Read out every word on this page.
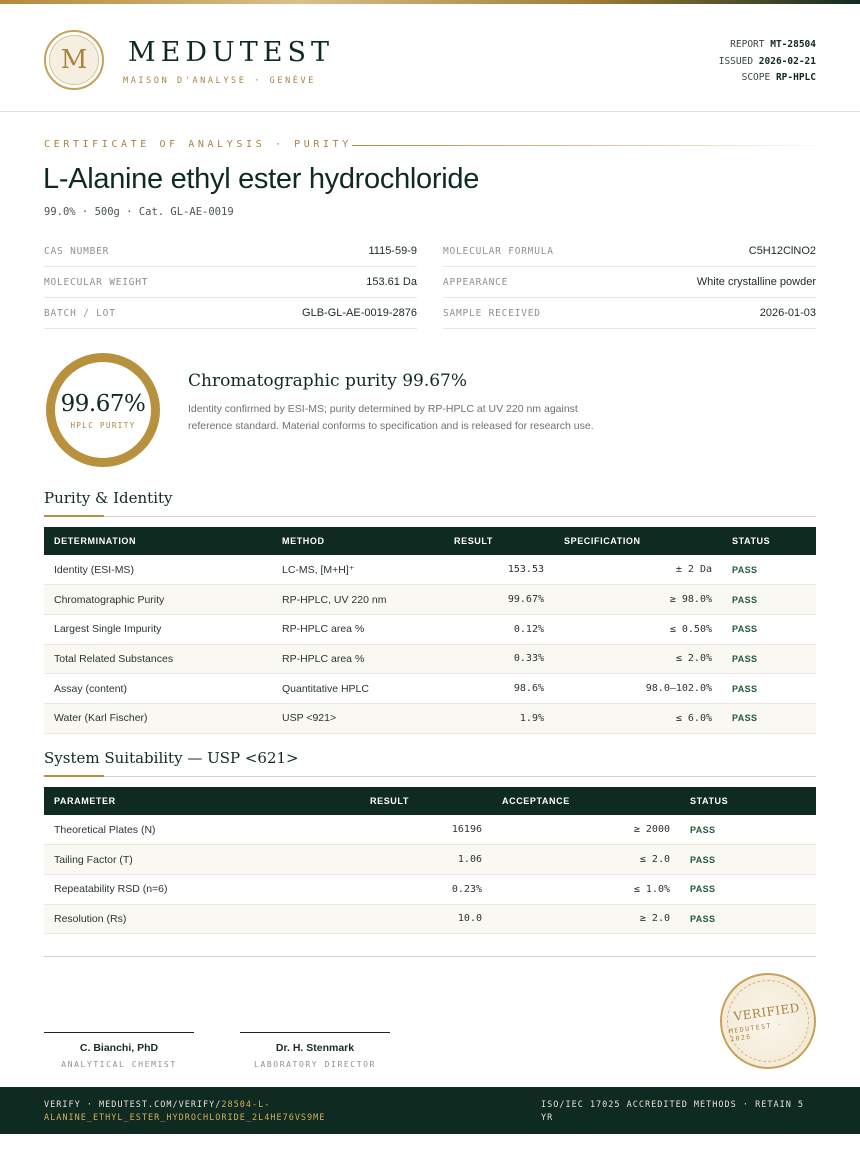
M	MEDUTEST
MAISON D'ANALYSE · GENÈVE
REPORT MT-28504
ISSUED 2026-02-21
SCOPE RP-HPLC
CERTIFICATE OF ANALYSIS · PURITY
L-Alanine ethyl ester hydrochloride
99.0% · 500g · Cat. GL-AE-0019
CAS NUMBER	1115-59-9
MOLECULAR WEIGHT	153.61 Da
BATCH / LOT	GLB-GL-AE-0019-2876
MOLECULAR FORMULA	C5H12ClNO2
APPEARANCE	White crystalline powder
SAMPLE RECEIVED	2026-01-03
99.67%
HPLC PURITY
Chromatographic purity 99.67%
Identity confirmed by ESI-MS; purity determined by RP-HPLC at UV 220 nm against reference standard. Material conforms to specification and is released for research use.
Purity & Identity
DETERMINATION	METHOD	RESULT	SPECIFICATION	STATUS
Identity (ESI-MS)	LC-MS, [M+H]⁺	153.53	± 2 Da	PASS
Chromatographic Purity	RP-HPLC, UV 220 nm	99.67%	≥ 98.0%	PASS
Largest Single Impurity	RP-HPLC area %	0.12%	≤ 0.50%	PASS
Total Related Substances	RP-HPLC area %	0.33%	≤ 2.0%	PASS
Assay (content)	Quantitative HPLC	98.6%	98.0–102.0%	PASS
Water (Karl Fischer)	USP <921>	1.9%	≤ 6.0%	PASS
System Suitability — USP <621>
PARAMETER	RESULT	ACCEPTANCE	STATUS
Theoretical Plates (N)	16196	≥ 2000	PASS
Tailing Factor (T)	1.06	≤ 2.0	PASS
Repeatability RSD (n=6)	0.23%	≤ 1.0%	PASS
Resolution (Rs)	10.0	≥ 2.0	PASS
C. Bianchi, PhD
ANALYTICAL CHEMIST
Dr. H. Stenmark
LABORATORY DIRECTOR
VERIFIED
MEDUTEST · 2026
VERIFY · MEDUTEST.COM/VERIFY/28504-L-ALANINE_ETHYL_ESTER_HYDROCHLORIDE_2L4HE76VS9ME
ISO/IEC 17025 ACCREDITED METHODS · RETAIN 5 YR
